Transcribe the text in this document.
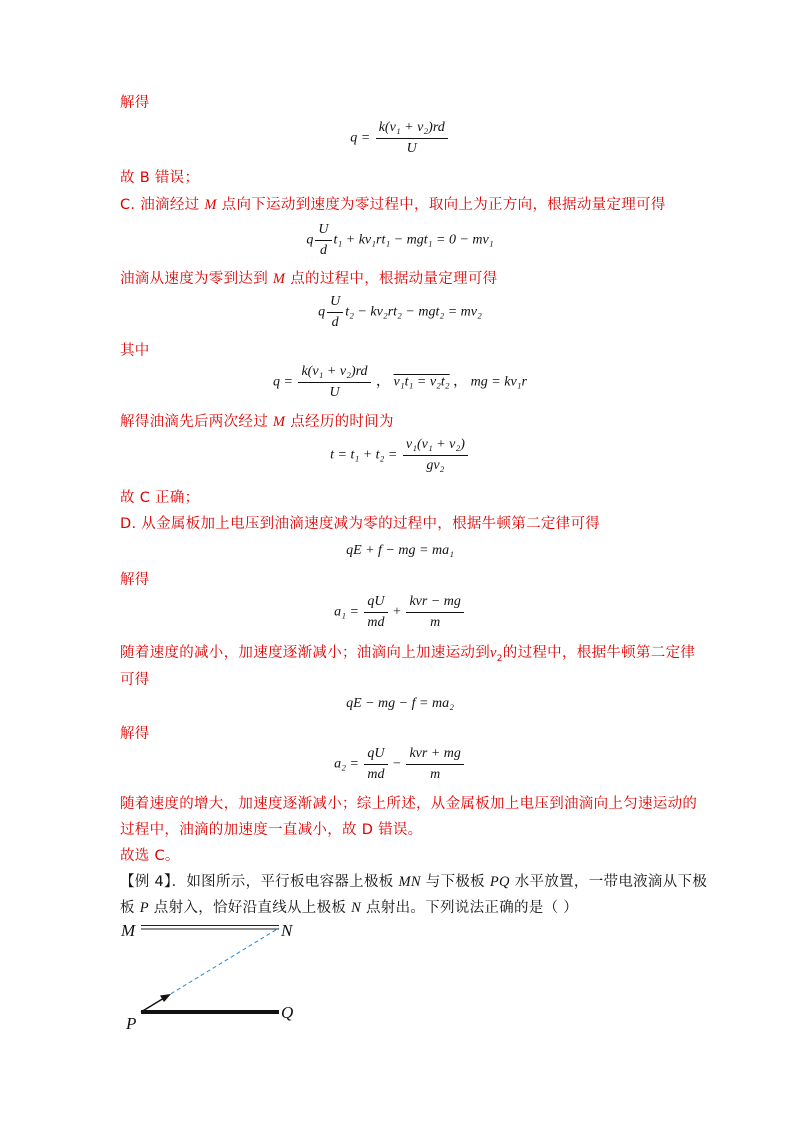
解得
$q = \frac{\text{k(v₁ + v₂)rd}}{U}$
故 B 错误；
C. 油滴经过 M 点向下运动到速度为零过程中，取向上为正方向，根据动量定理可得
q $\frac{U}{d} t_1 + kv_1rt_1 - mgt_1 = 0 - mv_1$
油滴从速度为零到达到 M 点的过程中，根据动量定理可得
q $\frac{U}{d} t_2 - kv_2rt_2 - mgt_2 = mv_2$
其中
$q = \frac{\text{k(v₁ + v₂)rd}}{U}$ ， v₁t₁ = v₂t₂ ， mg = kv₁r
解得油滴先后两次经过 M 点经历的时间为
$t = t_1 + t_2 = \frac{\text{v₁(v₁ + v₂)}}{\text{gv₂}}$
故 C 正确；
D. 从金属板加上电压到油滴速度减为零的过程中，根据牛顿第二定律可得
qE + f − mg = ma₁
解得
$a_1 = \frac{qU}{md} + \frac{\text{kvr − mg}}{m}$
随着速度的减小，加速度逐渐减小；油滴向上加速运动到$v_2$的过程中，根据牛顿第二定律
可得
qE − mg − f = ma₂
解得
$a_2 = \frac{qU}{md} - \frac{\text{kvr + mg}}{m}$
随着速度的增大，加速度逐渐减小；综上所述，从金属板加上电压到油滴向上匀速运动的
过程中，油滴的加速度一直减小，故 D 错误。
故选 C。
【例 4】．如图所示，平行板电容器上极板 MN 与下极板 PQ 水平放置，一带电液滴从下极
板 P 点射入，恰好沿直线从上极板 N 点射出。下列说法正确的是（ ）
M	N
P
Q
